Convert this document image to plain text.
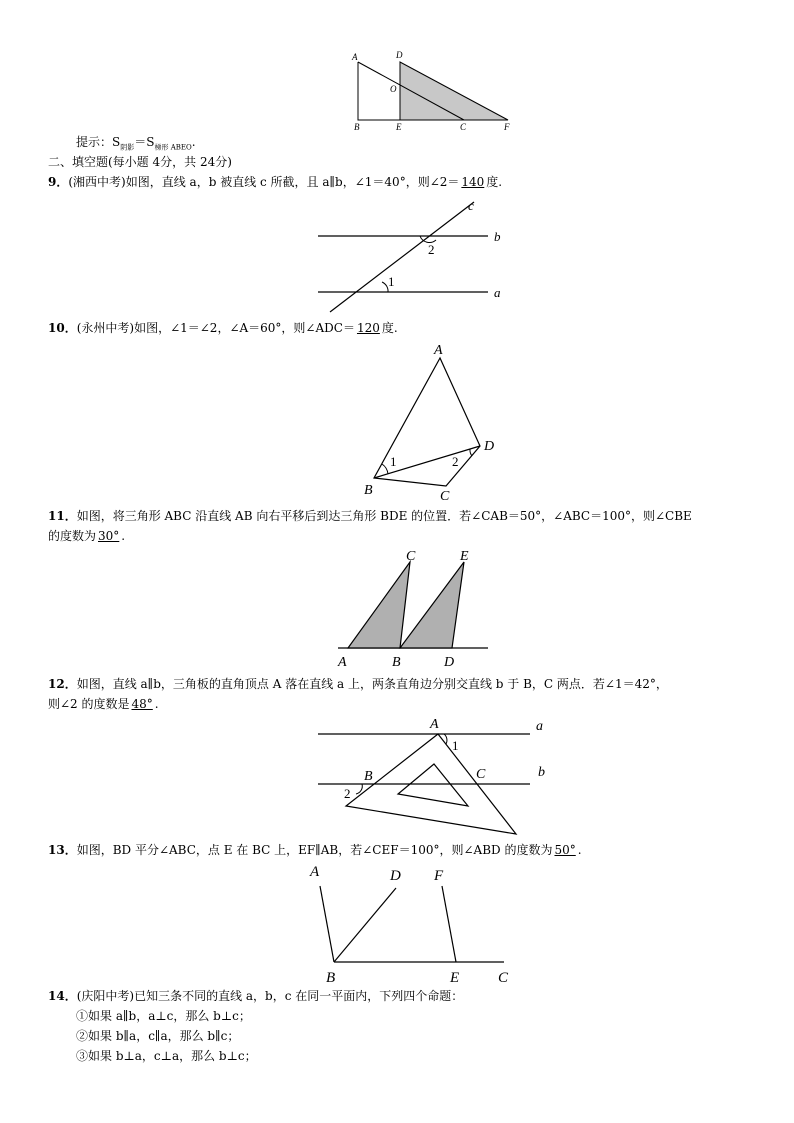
A	D
O
B	E	C	F
提示：$S_{阴影}=S_{梯形 ABEO}$.
二、填空题(每小题 4分，共 24分)
9．(湘西中考)如图，直线 a，b 被直线 c 所截，且 a∥b，∠1＝40°，则∠2＝ 140 度.
c
b
a
1
2
10．(永州中考)如图，∠1＝∠2，∠A＝60°，则∠ADC＝ 120 度.
A
D
B	C
1	2
11．如图，将三角形 ABC 沿直线 AB 向右平移后到达三角形 BDE 的位置．若∠CAB＝50°，∠ABC＝100°，则∠CBE
的度数为 30° .
C	E
A	B	D
12．如图，直线 a∥b，三角板的直角顶点 A 落在直线 a 上，两条直角边分别交直线 b 于 B，C 两点．若∠1＝42°，
则∠2 的度数是 48° .
A	a
1
B	C	b
2
13．如图，BD 平分∠ABC，点 E 在 BC 上，EF∥AB，若∠CEF＝100°，则∠ABD 的度数为 50° .
A	D F
B	E	C
14．(庆阳中考)已知三条不同的直线 a，b，c 在同一平面内，下列四个命题：
①如果 a∥b，a⊥c，那么 b⊥c；
②如果 b∥a，c∥a，那么 b∥c；
③如果 b⊥a，c⊥a，那么 b⊥c；
